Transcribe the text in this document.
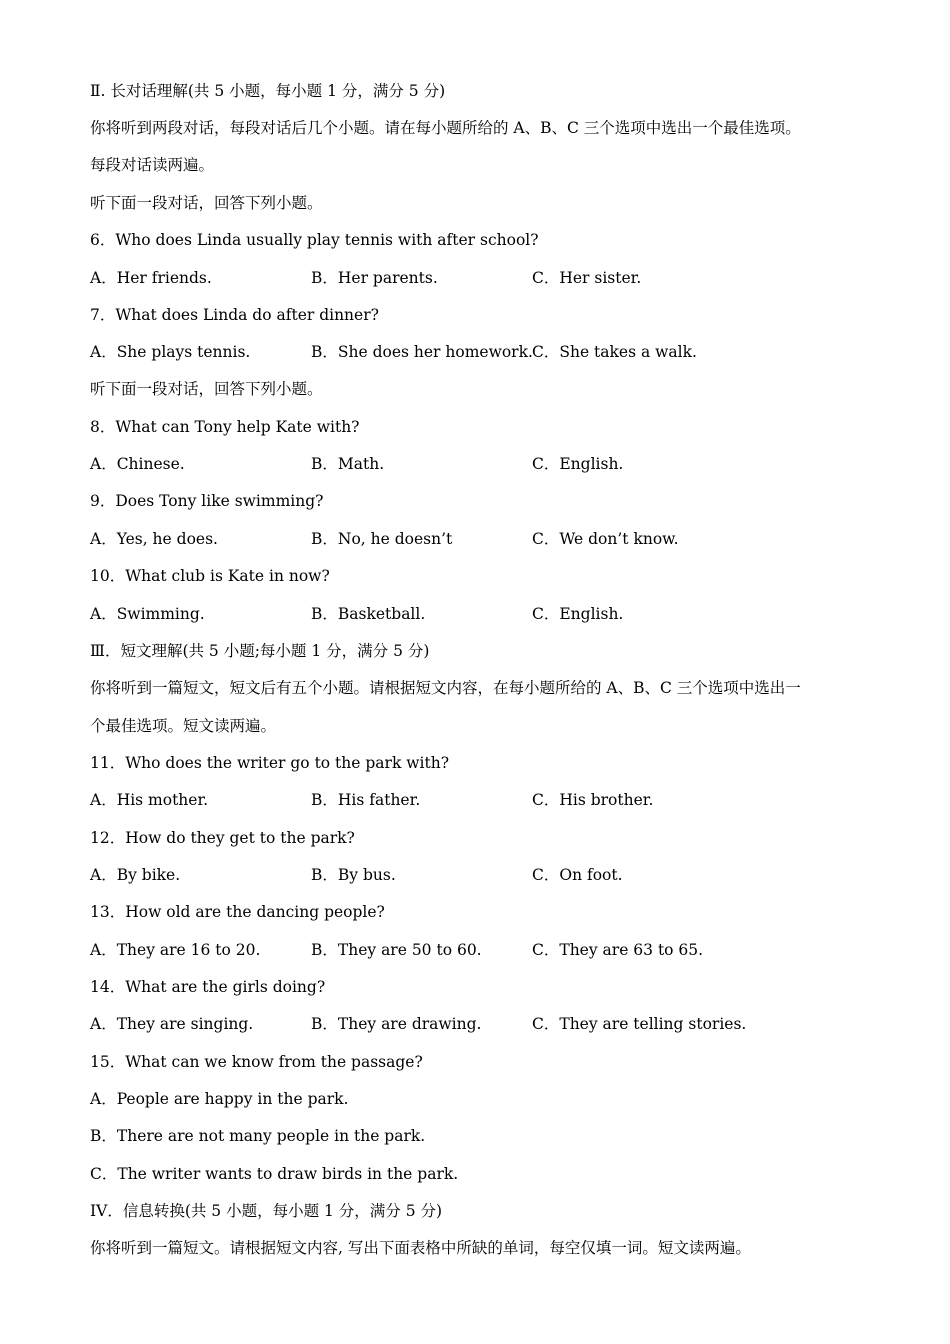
Ⅱ. 长对话理解(共 5 小题，每小题 1 分，满分 5 分)
你将听到两段对话，每段对话后几个小题。请在每小题所给的 A、B、C 三个选项中选出一个最佳选项。
每段对话读两遍。
听下面一段对话，回答下列小题。
6．Who does Linda usually play tennis with after school?
A．Her friends.	B．Her parents.	C．Her sister.
7．What does Linda do after dinner?
A．She plays tennis.	B．She does her homework. C．She takes a walk.
听下面一段对话，回答下列小题。
8．What can Tony help Kate with?
A．Chinese.	B．Math.	C．English.
9．Does Tony like swimming?
A．Yes, he does.	B．No, he doesn’t	C．We don’t know.
10．What club is Kate in now?
A．Swimming.	B．Basketball.	C．English.
Ⅲ．短文理解(共 5 小题;每小题 1 分，满分 5 分)
你将听到一篇短文，短文后有五个小题。请根据短文内容，在每小题所给的 A、B、C 三个选项中选出一
个最佳选项。短文读两遍。
11．Who does the writer go to the park with?
A．His mother.	B．His father.	C．His brother.
12．How do they get to the park?
A．By bike.	B．By bus.	C．On foot.
13．How old are the dancing people?
A．They are 16 to 20.	B．They are 50 to 60.	C．They are 63 to 65.
14．What are the girls doing?
A．They are singing.	B．They are drawing.	C．They are telling stories.
15．What can we know from the passage?
A．People are happy in the park.
B．There are not many people in the park.
C．The writer wants to draw birds in the park.
IV．信息转换(共 5 小题，每小题 1 分，满分 5 分)
你将听到一篇短文。请根据短文内容, 写出下面表格中所缺的单词，每空仅填一词。短文读两遍。
